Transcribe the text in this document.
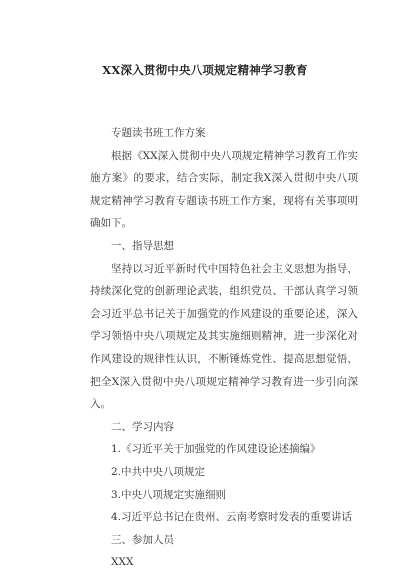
XX深入贯彻中央八项规定精神学习教育

专题读书班工作方案

根据《XX深入贯彻中央八项规定精神学习教育工作实施方案》的要求，结合实际，制定我X深入贯彻中央八项规定精神学习教育专题读书班工作方案，现将有关事项明确如下。

一、指导思想

坚持以习近平新时代中国特色社会主义思想为指导，持续深化党的创新理论武装，组织党员、干部认真学习领会习近平总书记关于加强党的作风建设的重要论述，深入学习领悟中央八项规定及其实施细则精神，进一步深化对作风建设的规律性认识，不断锤炼党性、提高思想觉悟，把全X深入贯彻中央八项规定精神学习教育进一步引向深入。

二、学习内容

1.《习近平关于加强党的作风建设论述摘编》

2.中共中央八项规定

3.中央八项规定实施细则

4.习近平总书记在贵州、云南考察时发表的重要讲话

三、参加人员

XXX
